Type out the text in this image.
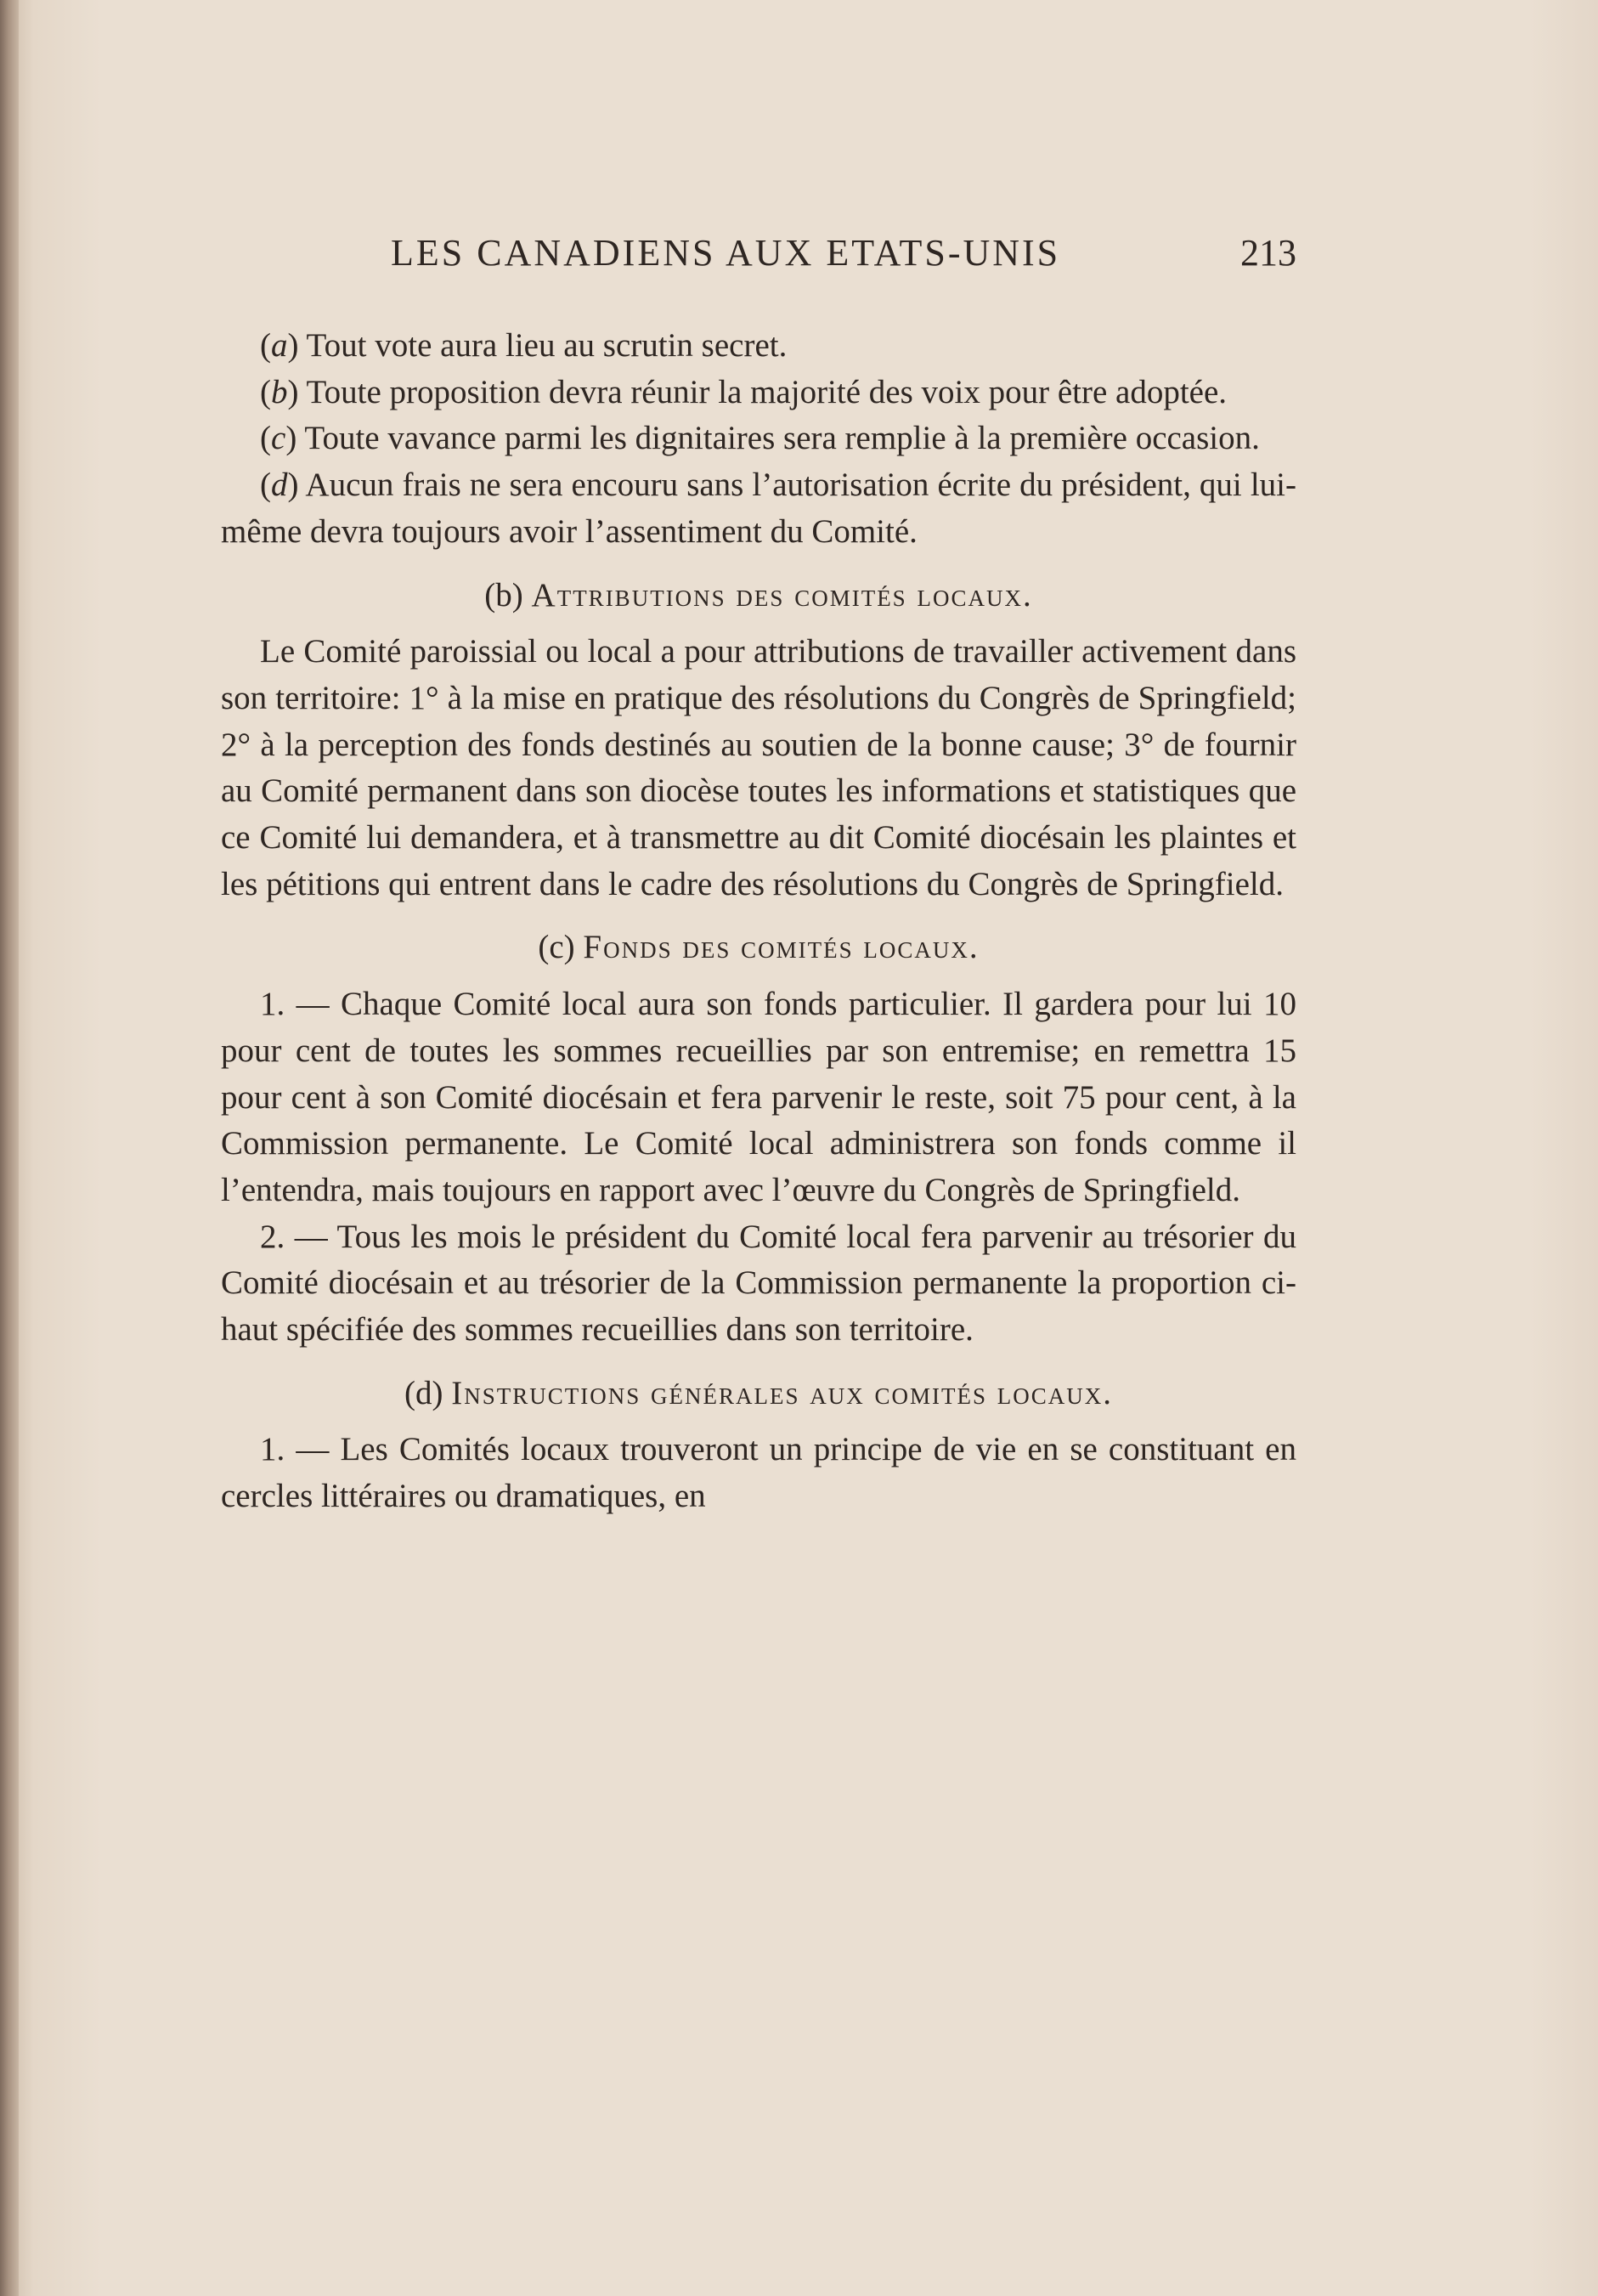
LES CANADIENS AUX ETATS-UNIS	213

(a) Tout vote aura lieu au scrutin secret.

(b) Toute proposition devra réunir la majorité des voix pour être adoptée.

(c) Toute vavance parmi les dignitaires sera remplie à la première occasion.

(d) Aucun frais ne sera encouru sans l’autorisation écrite du président, qui lui-même devra toujours avoir l’assentiment du Comité.

(b) Attributions des comités locaux.

Le Comité paroissial ou local a pour attributions de travailler activement dans son territoire: 1° à la mise en pratique des résolutions du Congrès de Springfield; 2° à la perception des fonds destinés au soutien de la bonne cause; 3° de fournir au Comité permanent dans son diocèse toutes les informations et statistiques que ce Comité lui demandera, et à transmettre au dit Comité diocésain les plaintes et les pétitions qui entrent dans le cadre des résolutions du Congrès de Springfield.

(c) Fonds des comités locaux.

1. — Chaque Comité local aura son fonds particulier. Il gardera pour lui 10 pour cent de toutes les sommes recueillies par son entremise; en remettra 15 pour cent à son Comité diocésain et fera parvenir le reste, soit 75 pour cent, à la Commission permanente. Le Comité local administrera son fonds comme il l’entendra, mais toujours en rapport avec l’œuvre du Congrès de Springfield.

2. — Tous les mois le président du Comité local fera parvenir au trésorier du Comité diocésain et au trésorier de la Commission permanente la proportion ci-haut spécifiée des sommes recueillies dans son territoire.

(d) Instructions générales aux comités locaux.

1. — Les Comités locaux trouveront un principe de vie en se constituant en cercles littéraires ou dramatiques, en
